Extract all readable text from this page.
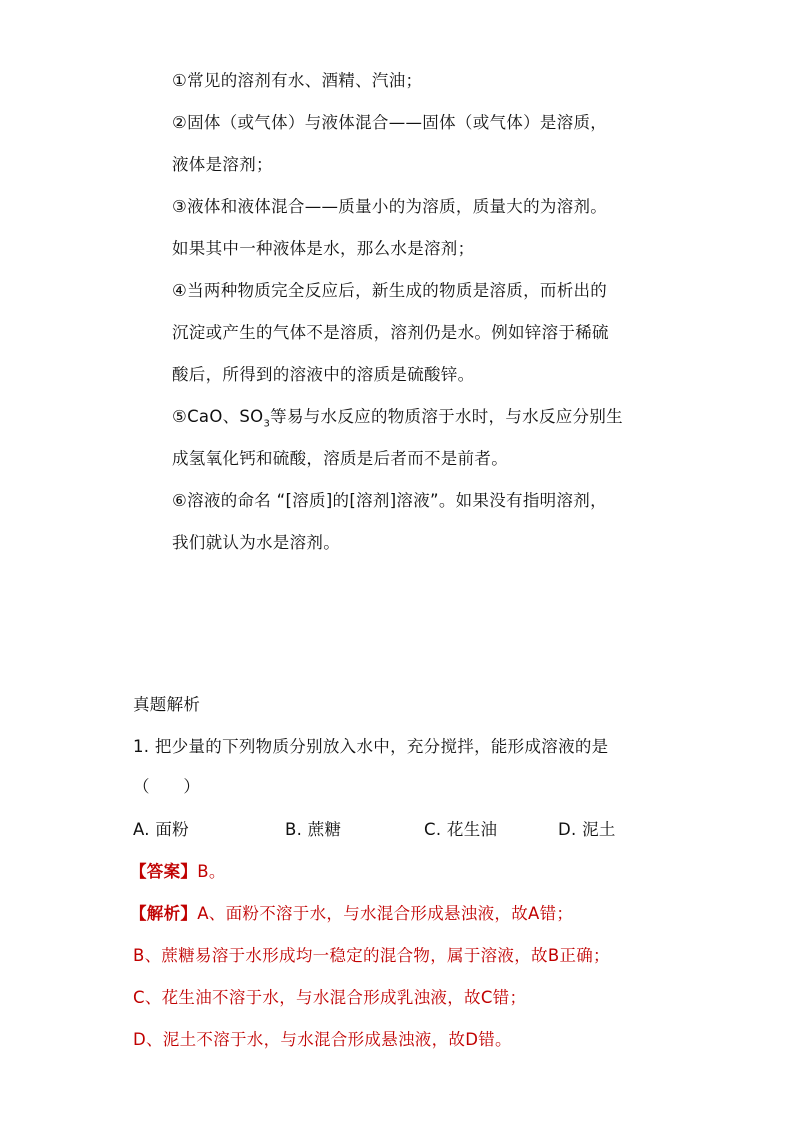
①常见的溶剂有水、酒精、汽油；
②固体（或气体）与液体混合——固体（或气体）是溶质，
液体是溶剂；
③液体和液体混合——质量小的为溶质，质量大的为溶剂。
如果其中一种液体是水，那么水是溶剂；
④当两种物质完全反应后，新生成的物质是溶质，而析出的
沉淀或产生的气体不是溶质，溶剂仍是水。例如锌溶于稀硫
酸后，所得到的溶液中的溶质是硫酸锌。
⑤CaO、$SO_3$等易与水反应的物质溶于水时，与水反应分别生
成氢氧化钙和硫酸，溶质是后者而不是前者。
⑥溶液的命名 “[溶质]的[溶剂]溶液”。如果没有指明溶剂，
我们就认为水是溶剂。
真题解析
1. 把少量的下列物质分别放入水中，充分搅拌，能形成溶液的是
（　　）
A. 面粉	B. 蔗糖	C. 花生油	D. 泥土
【答案】B。
【解析】A、面粉不溶于水，与水混合形成悬浊液，故A错；
B、蔗糖易溶于水形成均一稳定的混合物，属于溶液，故B正确；
C、花生油不溶于水，与水混合形成乳浊液，故C错；
D、泥土不溶于水，与水混合形成悬浊液，故D错。
